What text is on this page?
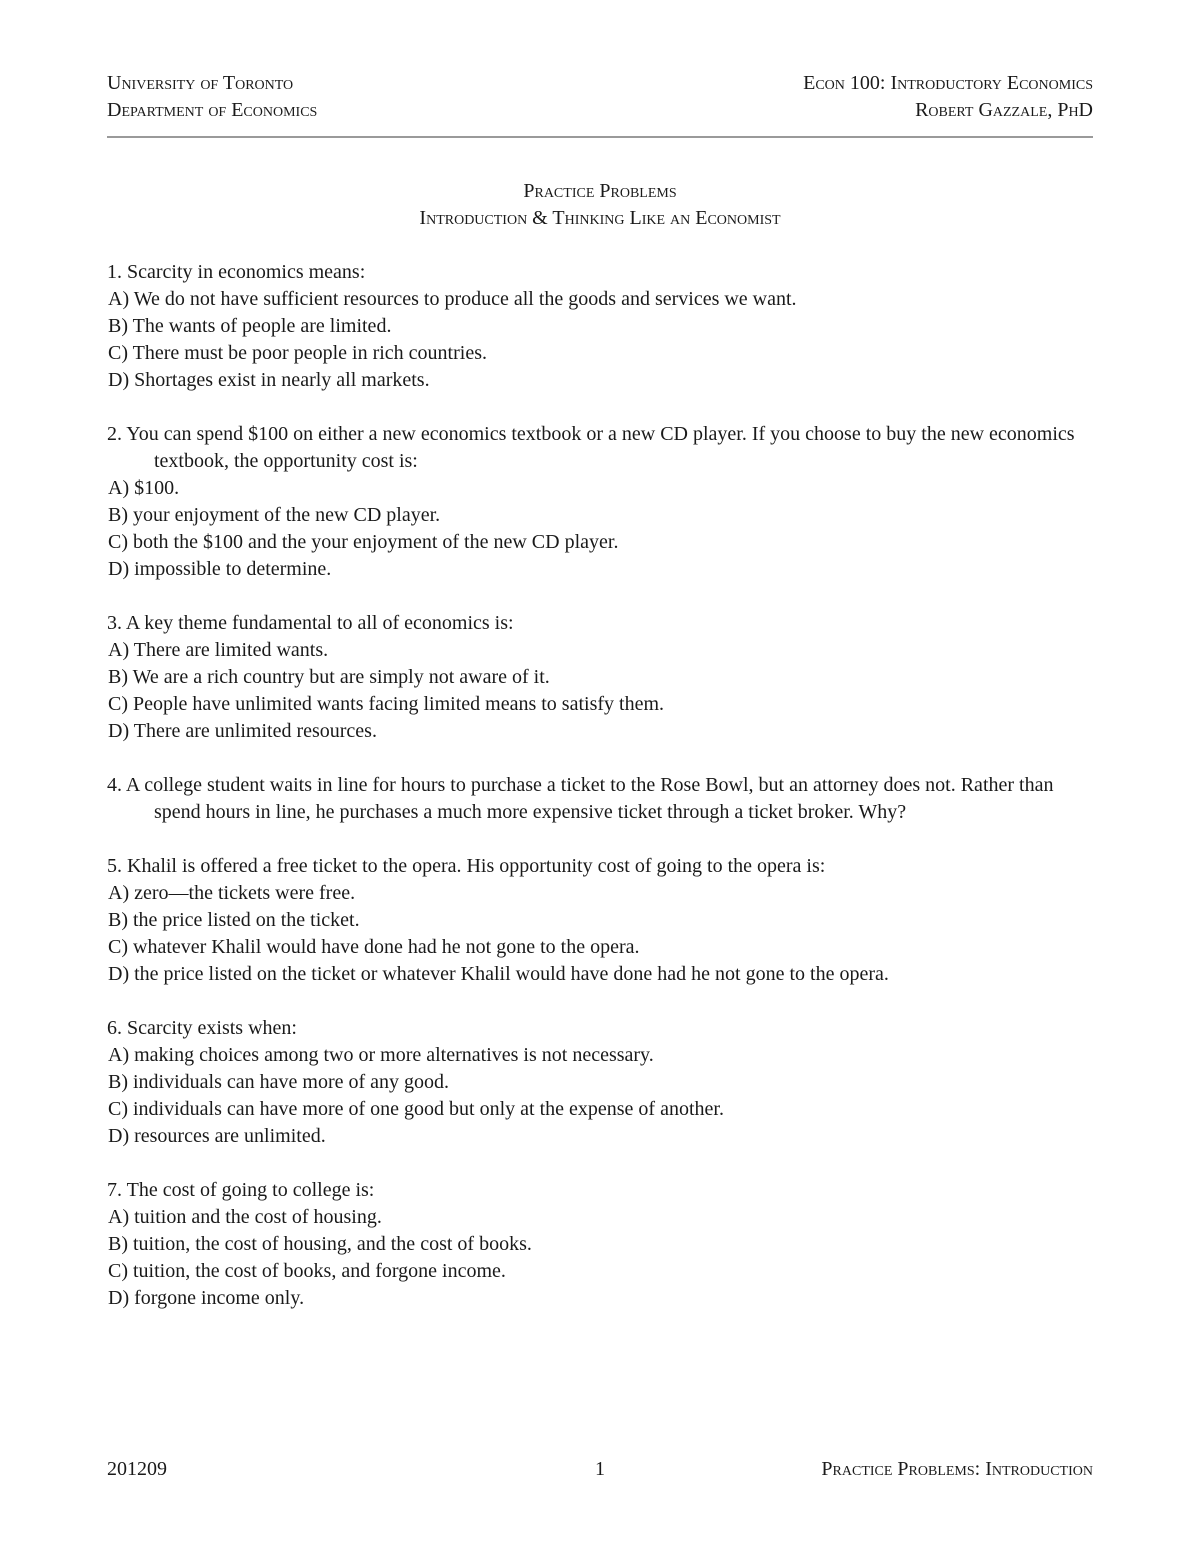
University of Toronto
Department of Economics
Econ 100: Introductory Economics
Robert Gazzale, PhD
Practice Problems
Introduction & Thinking Like an Economist

1. Scarcity in economics means:

A) We do not have sufficient resources to produce all the goods and services we want.

B) The wants of people are limited.

C) There must be poor people in rich countries.

D) Shortages exist in nearly all markets.

2. You can spend $100 on either a new economics textbook or a new CD player. If you choose to buy the new economics textbook, the opportunity cost is:

A) $100.

B) your enjoyment of the new CD player.

C) both the $100 and the your enjoyment of the new CD player.

D) impossible to determine.

3. A key theme fundamental to all of economics is:

A) There are limited wants.

B) We are a rich country but are simply not aware of it.

C) People have unlimited wants facing limited means to satisfy them.

D) There are unlimited resources.

4. A college student waits in line for hours to purchase a ticket to the Rose Bowl, but an attorney does not. Rather than spend hours in line, he purchases a much more expensive ticket through a ticket broker. Why?

5. Khalil is offered a free ticket to the opera. His opportunity cost of going to the opera is:

A) zero—the tickets were free.

B) the price listed on the ticket.

C) whatever Khalil would have done had he not gone to the opera.

D) the price listed on the ticket or whatever Khalil would have done had he not gone to the opera.

6. Scarcity exists when:

A) making choices among two or more alternatives is not necessary.

B) individuals can have more of any good.

C) individuals can have more of one good but only at the expense of another.

D) resources are unlimited.

7. The cost of going to college is:

A) tuition and the cost of housing.

B) tuition, the cost of housing, and the cost of books.

C) tuition, the cost of books, and forgone income.

D) forgone income only.

201209	1	Practice Problems: Introduction
